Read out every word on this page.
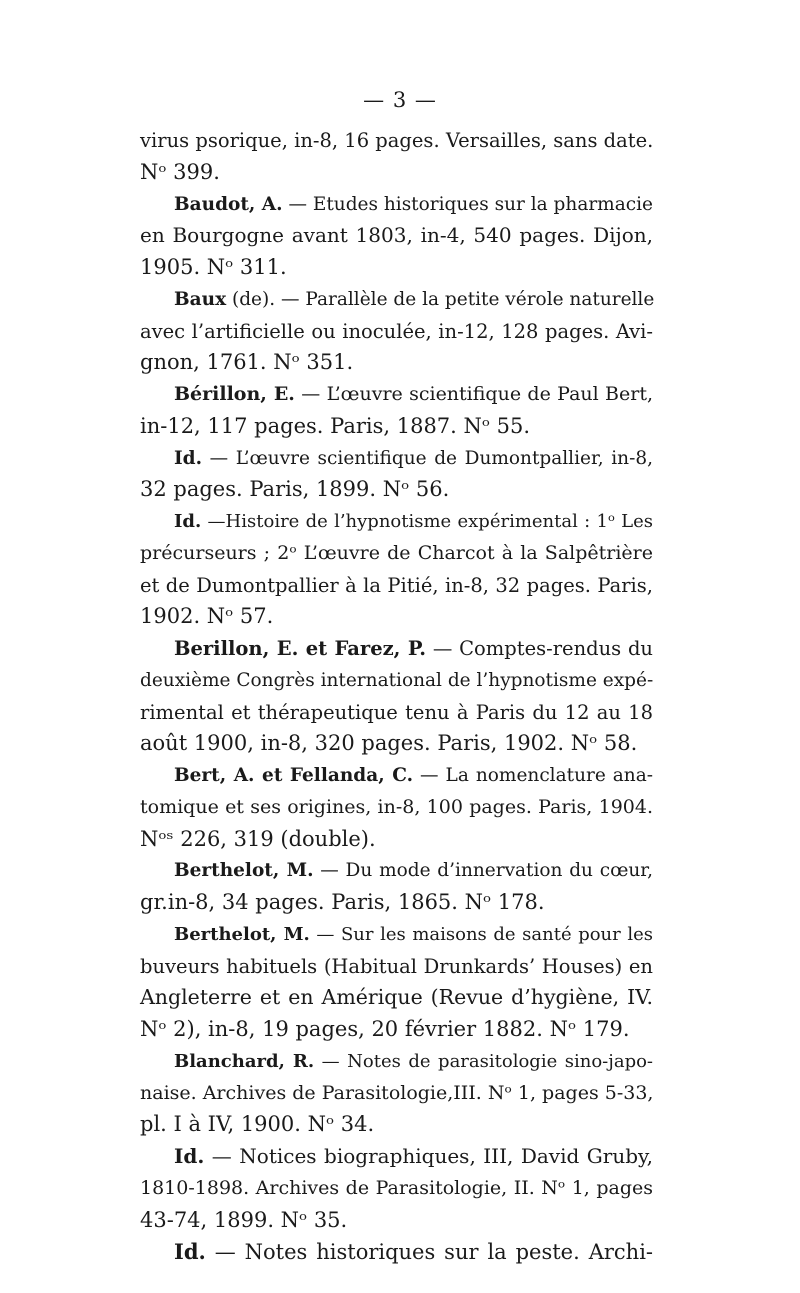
— 3 —
virus psorique, in-8, 16 pages. Versailles, sans date.
Nᵒ 399.
Baudot, A. — Etudes historiques sur la pharmacie
en Bourgogne avant 1803, in-4, 540 pages. Dijon,
1905. Nᵒ 311.
Baux (de). — Parallèle de la petite vérole naturelle
avec l’artificielle ou inoculée, in-12, 128 pages. Avi-
gnon, 1761. Nᵒ 351.
Bérillon, E. — L’œuvre scientifique de Paul Bert,
in-12, 117 pages. Paris, 1887. Nᵒ 55.
Id. — L’œuvre scientifique de Dumontpallier, in-8,
32 pages. Paris, 1899. Nᵒ 56.
Id. —Histoire de l’hypnotisme expérimental : 1ᵒ Les
précurseurs ; 2ᵒ L’œuvre de Charcot à la Salpêtrière
et de Dumontpallier à la Pitié, in-8, 32 pages. Paris,
1902. Nᵒ 57.
Berillon, E. et Farez, P. — Comptes-rendus du
deuxième Congrès international de l’hypnotisme expé-
rimental et thérapeutique tenu à Paris du 12 au 18
août 1900, in-8, 320 pages. Paris, 1902. Nᵒ 58.
Bert, A. et Fellanda, C. — La nomenclature ana-
tomique et ses origines, in-8, 100 pages. Paris, 1904.
Nᵒˢ 226, 319 (double).
Berthelot, M. — Du mode d’innervation du cœur,
gr.in-8, 34 pages. Paris, 1865. Nᵒ 178.
Berthelot, M. — Sur les maisons de santé pour les
buveurs habituels (Habitual Drunkards’ Houses) en
Angleterre et en Amérique (Revue d’hygiène, IV.
Nᵒ 2), in-8, 19 pages, 20 février 1882. Nᵒ 179.
Blanchard, R. — Notes de parasitologie sino-japo-
naise. Archives de Parasitologie,III. Nᵒ 1, pages 5-33,
pl. I à IV, 1900. Nᵒ 34.
Id. — Notices biographiques, III, David Gruby,
1810-1898. Archives de Parasitologie, II. Nᵒ 1, pages
43-74, 1899. Nᵒ 35.
Id. — Notes historiques sur la peste. Archi-
